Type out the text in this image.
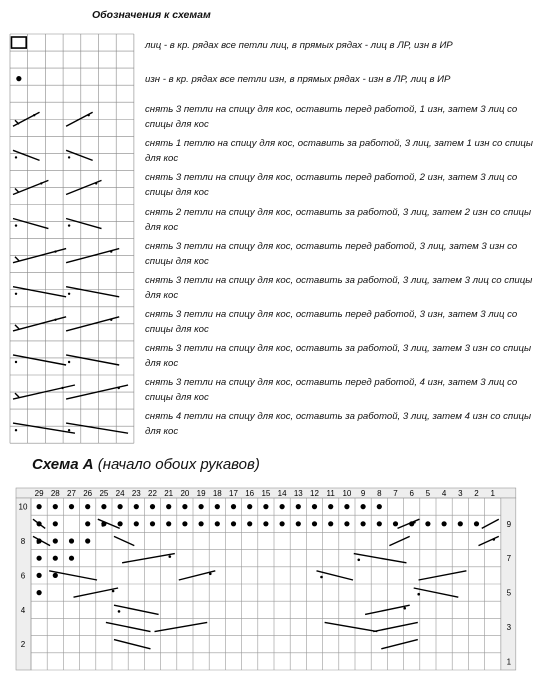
Обозначения к схемам
лиц - в кр. рядах все петли лиц, в прямых рядах - лиц в ЛР, изн в ИР
изн - в кр. рядах все петли изн, в прямых рядах - изн в ЛР, лиц в ИР
снять 3 петли на спицу для кос, оставить перед работой, 1 изн, затем 3 лиц со спицы для кос
снять 1 петлю на спицу для кос, оставить за работой, 3 лиц, затем 1 изн со спицы для кос
снять 3 петли на спицу для кос, оставить перед работой, 2 изн, затем 3 лиц со спицы для кос
снять 2 петли на спицу для кос, оставить за работой, 3 лиц, затем 2 изн со спицы для кос
снять 3 петли на спицу для кос, оставить перед работой, 3 лиц, затем 3 изн со спицы для кос
снять 3 петли на спицу для кос, оставить за работой, 3 лиц, затем 3 лиц со спицы для кос
снять 3 петли на спицу для кос, оставить перед работой, 3 изн, затем 3 лиц со спицы для кос
снять 3 петли на спицу для кос, оставить за работой, 3 лиц, затем 3 изн со спицы для кос
снять 3 петли на спицу для кос, оставить перед работой, 4 изн, затем 3 лиц со спицы для кос
снять 4 петли на спицу для кос, оставить за работой, 3 лиц, затем 4 изн со спицы для кос
Схема А (начало обоих рукавов)
29 28 27 26 25 24 23 22 21 20 19 18 17 16 15 14 13 12 11 10 9 8 7 6 5 4 3 2 1
10
9
8
7
6
5
4
3
2
1
